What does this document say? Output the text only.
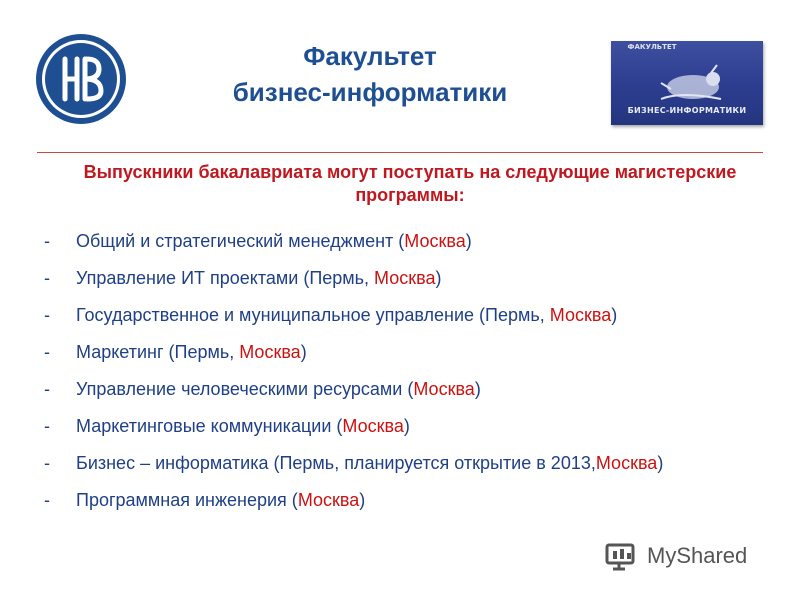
Факультет
бизнес-информатики
ФАКУЛЬТЕТ
БИЗНЕС-ИНФОРМАТИКИ
Выпускники бакалавриата могут поступать на следующие магистерские программы:
- Общий и стратегический менеджмент (Москва)
- Управление ИТ проектами (Пермь, Москва)
- Государственное и муниципальное управление (Пермь, Москва)
- Маркетинг (Пермь, Москва)
- Управление человеческими ресурсами (Москва)
- Маркетинговые коммуникации (Москва)
- Бизнес – информатика (Пермь, планируется открытие в 2013,Москва)
- Программная инженерия (Москва)
MyShared
